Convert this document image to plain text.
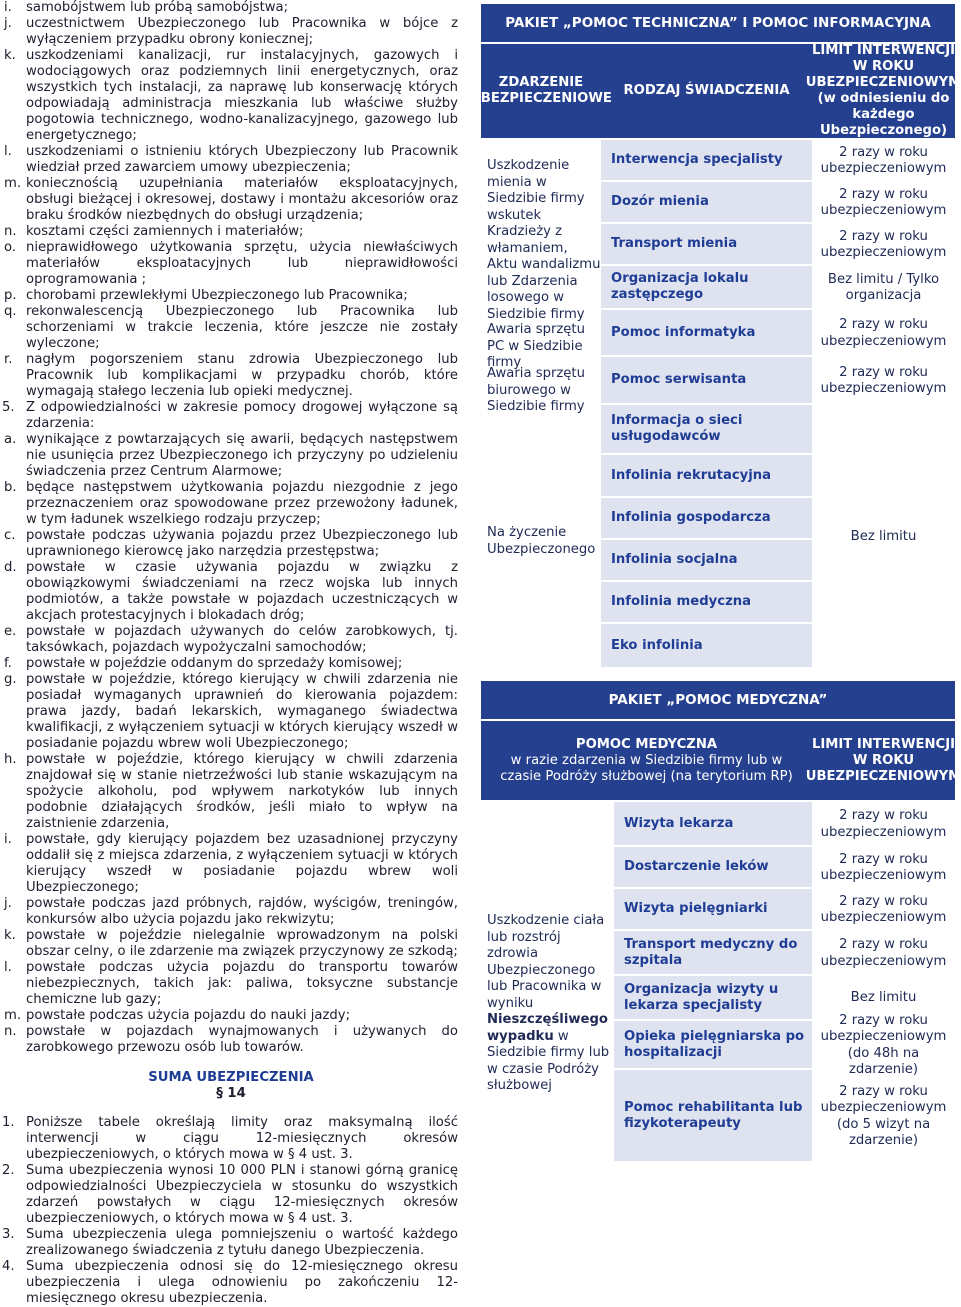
i. samobójstwem lub próbą samobójstwa;
j. uczestnictwem Ubezpieczonego lub Pracownika w bójce z wyłączeniem przypadku obrony koniecznej;
k. uszkodzeniami kanalizacji, rur instalacyjnych, gazowych i wodociągowych oraz podziemnych linii energetycznych, oraz wszystkich tych instalacji, za naprawę lub konserwację których odpowiadają administracja mieszkania lub właściwe służby pogotowia technicznego, wodno-kanalizacyjnego, gazowego lub energetycznego;
l. uszkodzeniami o istnieniu których Ubezpieczony lub Pracownik wiedział przed zawarciem umowy ubezpieczenia;
m. koniecznością uzupełniania materiałów eksploatacyjnych, obsługi bieżącej i okresowej, dostawy i montażu akcesoriów oraz braku środków niezbędnych do obsługi urządzenia;
n. kosztami części zamiennych i materiałów;
o. nieprawidłowego użytkowania sprzętu, użycia niewłaściwych materiałów eksploatacyjnych lub nieprawidłowości oprogramowania ;
p. chorobami przewlekłymi Ubezpieczonego lub Pracownika;
q. rekonwalescencją Ubezpieczonego lub Pracownika lub schorzeniami w trakcie leczenia, które jeszcze nie zostały wyleczone;
r. nagłym pogorszeniem stanu zdrowia Ubezpieczonego lub Pracownik lub komplikacjami w przypadku chorób, które wymagają stałego leczenia lub opieki medycznej.
5. Z odpowiedzialności w zakresie pomocy drogowej wyłączone są zdarzenia:
a. wynikające z powtarzających się awarii, będących następstwem nie usunięcia przez Ubezpieczonego ich przyczyny po udzieleniu świadczenia przez Centrum Alarmowe;
b. będące następstwem użytkowania pojazdu niezgodnie z jego przeznaczeniem oraz spowodowane przez przewożony ładunek, w tym ładunek wszelkiego rodzaju przyczep;
c. powstałe podczas używania pojazdu przez Ubezpieczonego lub uprawnionego kierowcę jako narzędzia przestępstwa;
d. powstałe w czasie używania pojazdu w związku z obowiązkowymi świadczeniami na rzecz wojska lub innych podmiotów, a także powstałe w pojazdach uczestniczących w akcjach protestacyjnych i blokadach dróg;
e. powstałe w pojazdach używanych do celów zarobkowych, tj. taksówkach, pojazdach wypożyczalni samochodów;
f. powstałe w pojeździe oddanym do sprzedaży komisowej;
g. powstałe w pojeździe, którego kierujący w chwili zdarzenia nie posiadał wymaganych uprawnień do kierowania pojazdem: prawa jazdy, badań lekarskich, wymaganego świadectwa kwalifikacji, z wyłączeniem sytuacji w których kierujący wszedł w posiadanie pojazdu wbrew woli Ubezpieczonego;
h. powstałe w pojeździe, którego kierujący w chwili zdarzenia znajdował się w stanie nietrzeźwości lub stanie wskazującym na spożycie alkoholu, pod wpływem narkotyków lub innych podobnie działających środków, jeśli miało to wpływ na zaistnienie zdarzenia,
i. powstałe, gdy kierujący pojazdem bez uzasadnionej przyczyny oddalił się z miejsca zdarzenia, z wyłączeniem sytuacji w których kierujący wszedł w posiadanie pojazdu wbrew woli Ubezpieczonego;
j. powstałe podczas jazd próbnych, rajdów, wyścigów, treningów, konkursów albo użycia pojazdu jako rekwizytu;
k. powstałe w pojeździe nielegalnie wprowadzonym na polski obszar celny, o ile zdarzenie ma związek przyczynowy ze szkodą;
l. powstałe podczas użycia pojazdu do transportu towarów niebezpiecznych, takich jak: paliwa, toksyczne substancje chemiczne lub gazy;
m. powstałe podczas użycia pojazdu do nauki jazdy;
n. powstałe w pojazdach wynajmowanych i używanych do zarobkowego przewozu osób lub towarów.
SUMA UBEZPIECZENIA
§ 14
1. Poniższe tabele określają limity oraz maksymalną ilość interwencji w ciągu 12-miesięcznych okresów ubezpieczeniowych, o których mowa w § 4 ust. 3.
2. Suma ubezpieczenia wynosi 10 000 PLN i stanowi górną granicę odpowiedzialności Ubezpieczyciela w stosunku do wszystkich zdarzeń powstałych w ciągu 12-miesięcznych okresów ubezpieczeniowych, o których mowa w § 4 ust. 3.
3. Suma ubezpieczenia ulega pomniejszeniu o wartość każdego zrealizowanego świadczenia z tytułu danego Ubezpieczenia.
4. Suma ubezpieczenia odnosi się do 12-miesięcznego okresu ubezpieczenia i ulega odnowieniu po zakończeniu 12-miesięcznego okresu ubezpieczenia.
PAKIET „POMOC TECHNICZNA” I POMOC INFORMACYJNA
ZDARZENIE UBEZPIECZENIOWE
RODZAJ ŚWIADCZENIA
LIMIT INTERWENCJI W ROKU UBEZPIECZENIOWYM (w odniesieniu do każdego Ubezpieczonego)
Uszkodzenie mienia w Siedzibie firmy wskutek Kradzieży z włamaniem, Aktu wandalizmu lub Zdarzenia losowego w Siedzibie firmy
Awaria sprzętu PC w Siedzibie firmy
Awaria sprzętu biurowego w Siedzibie firmy
Na życzenie Ubezpieczonego
Interwencja specjalisty
Dozór mienia
Transport mienia
Organizacja lokalu zastępczego
Pomoc informatyka
Pomoc serwisanta
Informacja o sieci usługodawców
Infolinia rekrutacyjna
Infolinia gospodarcza
Infolinia socjalna
Infolinia medyczna
Eko infolinia
2 razy w roku
ubezpieczeniowym
2 razy w roku
ubezpieczeniowym
2 razy w roku
ubezpieczeniowym
Bez limitu / Tylko
organizacja
2 razy w roku
ubezpieczeniowym
2 razy w roku
ubezpieczeniowym
Bez limitu
PAKIET „POMOC MEDYCZNA”
POMOC MEDYCZNA
w razie zdarzenia w Siedzibie firmy lub w czasie Podróży służbowej (na terytorium RP)
LIMIT INTERWENCJI W ROKU UBEZPIECZENIOWYM
Uszkodzenie ciała lub rozstrój zdrowia Ubezpieczonego lub Pracownika w wyniku Nieszczęśliwego wypadku w Siedzibie firmy lub w czasie Podróży służbowej
Wizyta lekarza
Dostarczenie leków
Wizyta pielęgniarki
Transport medyczny do szpitala
Organizacja wizyty u lekarza specjalisty
Opieka pielęgniarska po hospitalizacji
Pomoc rehabilitanta lub fizykoterapeuty
2 razy w roku
ubezpieczeniowym
2 razy w roku
ubezpieczeniowym
2 razy w roku
ubezpieczeniowym
2 razy w roku
ubezpieczeniowym
Bez limitu
2 razy w roku
ubezpieczeniowym
(do 48h na zdarzenie)
2 razy w roku
ubezpieczeniowym
(do 5 wizyt na zdarzenie)
